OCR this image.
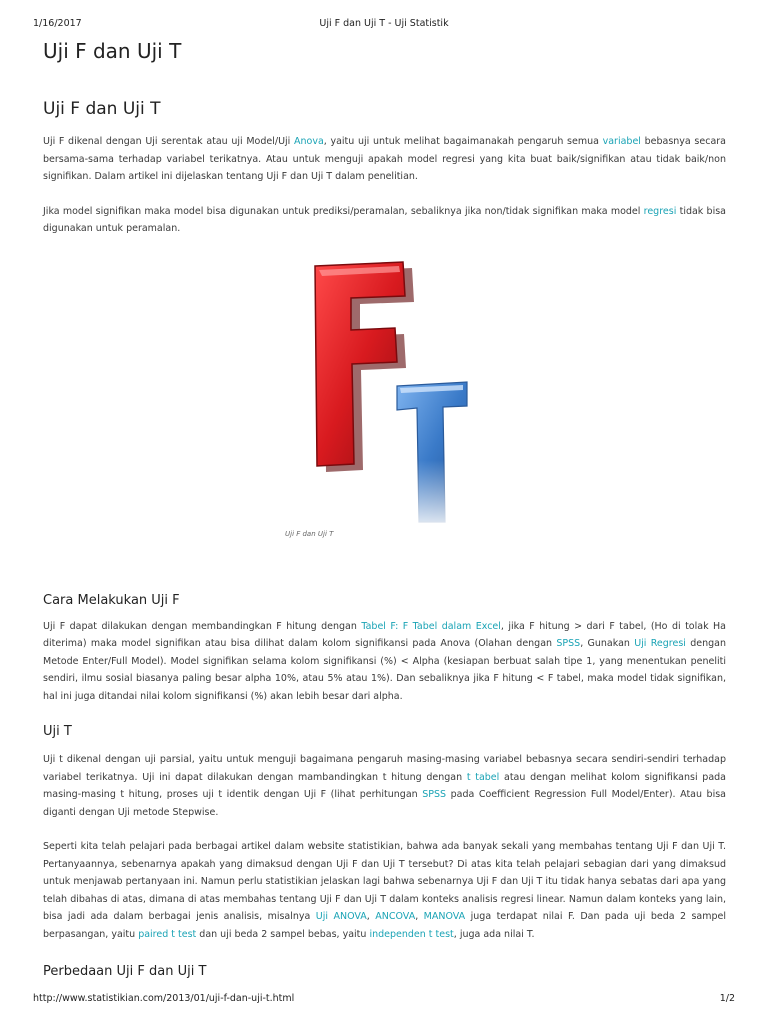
1/16/2017	Uji F dan Uji T - Uji Statistik
Uji F dan Uji T
Uji F dan Uji T

Uji F dikenal dengan Uji serentak atau uji Model/Uji Anova, yaitu uji untuk melihat bagaimanakah pengaruh semua variabel bebasnya secara bersama-sama terhadap variabel terikatnya. Atau untuk menguji apakah model regresi yang kita buat baik/signifikan atau tidak baik/non signifikan. Dalam artikel ini dijelaskan tentang Uji F dan Uji T dalam penelitian.

Jika model signifikan maka model bisa digunakan untuk prediksi/peramalan, sebaliknya jika non/tidak signifikan maka model regresi tidak bisa digunakan untuk peramalan.

Uji F dan Uji T
Cara Melakukan Uji F

Uji F dapat dilakukan dengan membandingkan F hitung dengan Tabel F: F Tabel dalam Excel, jika F hitung > dari F tabel, (Ho di tolak Ha diterima) maka model signifikan atau bisa dilihat dalam kolom signifikansi pada Anova (Olahan dengan SPSS, Gunakan Uji Regresi dengan Metode Enter/Full Model). Model signifikan selama kolom signifikansi (%) < Alpha (kesiapan berbuat salah tipe 1, yang menentukan peneliti sendiri, ilmu sosial biasanya paling besar alpha 10%, atau 5% atau 1%). Dan sebaliknya jika F hitung < F tabel, maka model tidak signifikan, hal ini juga ditandai nilai kolom signifikansi (%) akan lebih besar dari alpha.

Uji T

Uji t dikenal dengan uji parsial, yaitu untuk menguji bagaimana pengaruh masing-masing variabel bebasnya secara sendiri-sendiri terhadap variabel terikatnya. Uji ini dapat dilakukan dengan mambandingkan t hitung dengan t tabel atau dengan melihat kolom signifikansi pada masing-masing t hitung, proses uji t identik dengan Uji F (lihat perhitungan SPSS pada Coefficient Regression Full Model/Enter). Atau bisa diganti dengan Uji metode Stepwise.

Seperti kita telah pelajari pada berbagai artikel dalam website statistikian, bahwa ada banyak sekali yang membahas tentang Uji F dan Uji T. Pertanyaannya, sebenarnya apakah yang dimaksud dengan Uji F dan Uji T tersebut? Di atas kita telah pelajari sebagian dari yang dimaksud untuk menjawab pertanyaan ini. Namun perlu statistikian jelaskan lagi bahwa sebenarnya Uji F dan Uji T itu tidak hanya sebatas dari apa yang telah dibahas di atas, dimana di atas membahas tentang Uji F dan Uji T dalam konteks analisis regresi linear. Namun dalam konteks yang lain, bisa jadi ada dalam berbagai jenis analisis, misalnya Uji ANOVA, ANCOVA, MANOVA juga terdapat nilai F. Dan pada uji beda 2 sampel berpasangan, yaitu paired t test dan uji beda 2 sampel bebas, yaitu independen t test, juga ada nilai T.

Perbedaan Uji F dan Uji T
http://www.statistikian.com/2013/01/uji-f-dan-uji-t.html	1/2
